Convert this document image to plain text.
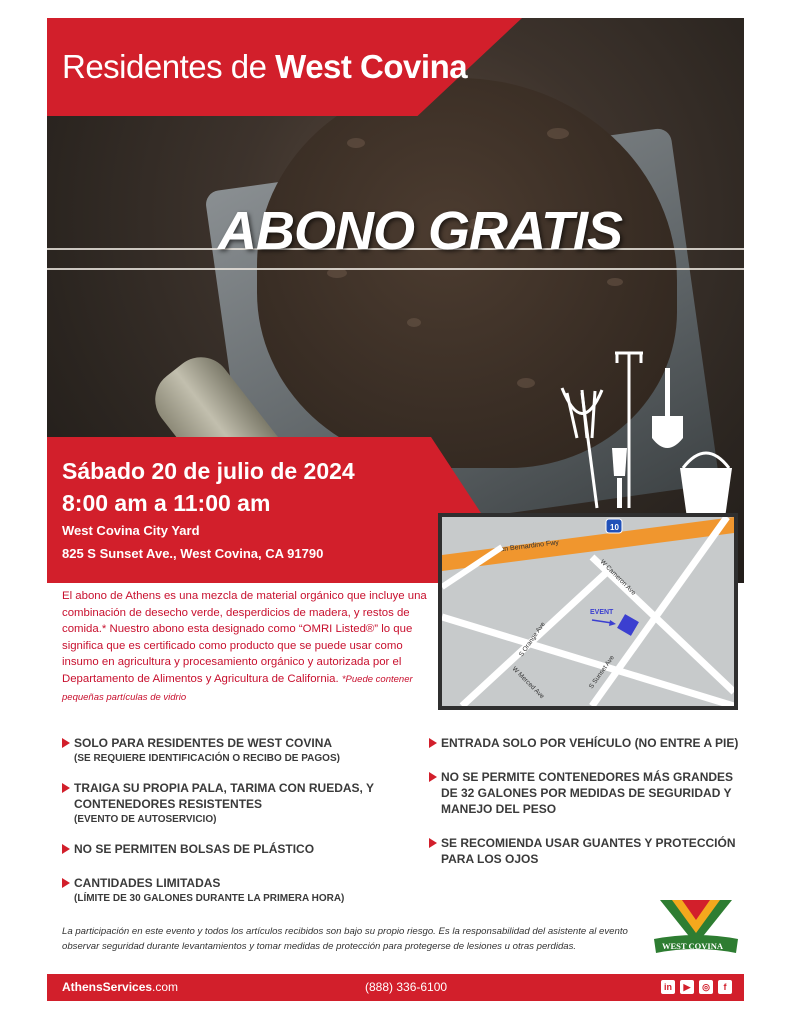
Residentes de West Covina
ABONO GRATIS
Sábado 20 de julio de 2024
8:00 am a 11:00 am
West Covina City Yard
825 S Sunset Ave., West Covina, CA 91790	San Bernardino Fwy
10
W Cameron Ave
S Orange Ave
W Merced Ave	S Sunset Ave
EVENT
El abono de Athens es una mezcla de material orgánico que incluye una combinación de desecho verde, desperdicios de madera, y restos de comida.* Nuestro abono esta designado como “OMRI Listed®” lo que significa que es certificado como producto que se puede usar como insumo en agricultura y procesamiento orgánico y autorizada por el Departamento de Alimentos y Agricultura de California. *Puede contener pequeñas partículas de vidrio
SOLO PARA RESIDENTES DE WEST COVINA
(SE REQUIERE IDENTIFICACIÓN O RECIBO DE PAGOS)
TRAIGA SU PROPIA PALA, TARIMA CON RUEDAS, Y CONTENEDORES RESISTENTES
(EVENTO DE AUTOSERVICIO)
NO SE PERMITEN BOLSAS DE PLÁSTICO
CANTIDADES LIMITADAS
(LÍMITE DE 30 GALONES DURANTE LA PRIMERA HORA)
ENTRADA SOLO POR VEHÍCULO (NO ENTRE A PIE)
NO SE PERMITE CONTENEDORES MÁS GRANDES DE 32 GALONES POR MEDIDAS DE SEGURIDAD Y MANEJO DEL PESO
SE RECOMIENDA USAR GUANTES Y PROTECCIÓN PARA LOS OJOS
WEST COVINA
La participación en este evento y todos los artículos recibidos son bajo su propio riesgo. Es la responsabilidad del asistente al evento observar seguridad durante levantamientos y tomar medidas de protección para protegerse de lesiones u otras perdidas.
AthensServices.com	(888) 336-6100	in	▶	◎	f
